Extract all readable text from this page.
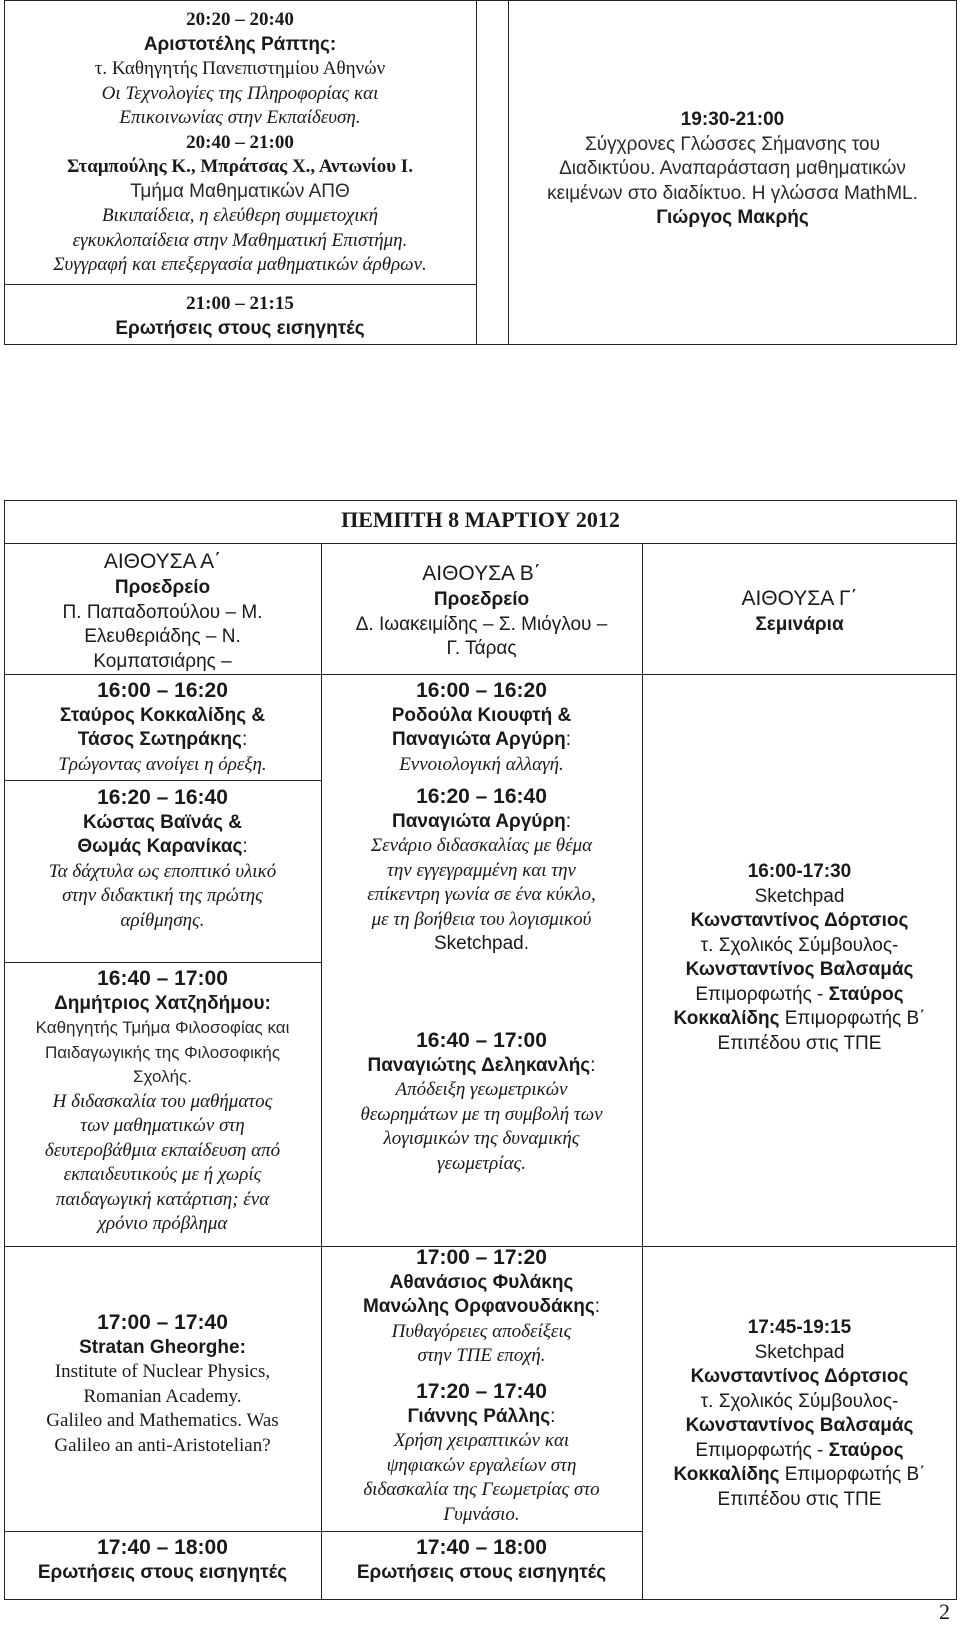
20:20 – 20:40
Αριστοτέλης Ράπτης:
τ. Καθηγητής Πανεπιστημίου Αθηνών
Οι Τεχνολογίες της Πληροφορίας και
Επικοινωνίας στην Εκπαίδευση.
20:40 – 21:00
Σταμπούλης Κ., Μπράτσας Χ., Αντωνίου Ι.
Τμήμα Μαθηματικών ΑΠΘ
Βικιπαίδεια, η ελεύθερη συμμετοχική
εγκυκλοπαίδεια στην Μαθηματική Επιστήμη.
Συγγραφή και επεξεργασία μαθηματικών άρθρων.
21:00 – 21:15
Ερωτήσεις στους εισηγητές
19:30-21:00
Σύγχρονες Γλώσσες Σήμανσης του
Διαδικτύου. Αναπαράσταση μαθηματικών
κειμένων στο διαδίκτυο. Η γλώσσα MathML.
Γιώργος Μακρής
ΠΕΜΠΤΗ 8 ΜΑΡΤΙΟΥ 2012
ΑΙΘΟΥΣΑ Α΄
Προεδρείο
Π. Παπαδοπούλου – Μ.
Ελευθεριάδης – Ν.
Κομπατσιάρης –
16:00 – 16:20
Σταύρος Κοκκαλίδης &
Τάσος Σωτηράκης:
Τρώγοντας ανοίγει η όρεξη.
16:20 – 16:40
Κώστας Βαϊνάς &
Θωμάς Καρανίκας:
Τα δάχτυλα ως εποπτικό υλικό
στην διδακτική της πρώτης
αρίθμησης.
16:40 – 17:00
Δημήτριος Χατζηδήμου:
Καθηγητής Τμήμα Φιλοσοφίας και
Παιδαγωγικής της Φιλοσοφικής
Σχολής.
Η διδασκαλία του μαθήματος
των μαθηματικών στη
δευτεροβάθμια εκπαίδευση από
εκπαιδευτικούς με ή χωρίς
παιδαγωγική κατάρτιση; ένα
χρόνιο πρόβλημα
17:00 – 17:40
Stratan Gheorghe:
Institute of Nuclear Physics,
Romanian Academy.
Galileo and Mathematics. Was
Galileo an anti-Aristotelian?
17:40 – 18:00
Ερωτήσεις στους εισηγητές
ΑΙΘΟΥΣΑ Β΄
Προεδρείο
Δ. Ιωακειμίδης – Σ. Μιόγλου –
Γ. Τάρας
16:00 – 16:20
Ροδούλα Κιουφτή &
Παναγιώτα Αργύρη:
Εννοιολογική αλλαγή.
16:20 – 16:40
Παναγιώτα Αργύρη:
Σενάριο διδασκαλίας με θέμα
την εγγεγραμμένη και την
επίκεντρη γωνία σε ένα κύκλο,
με τη βοήθεια του λογισμικού
Sketchpad.
16:40 – 17:00
Παναγιώτης Δεληκανλής:
Απόδειξη γεωμετρικών
θεωρημάτων με τη συμβολή των
λογισμικών της δυναμικής
γεωμετρίας.
17:00 – 17:20
Αθανάσιος Φυλάκης
Μανώλης Ορφανουδάκης:
Πυθαγόρειες αποδείξεις
στην ΤΠΕ εποχή.
17:20 – 17:40
Γιάννης Ράλλης:
Χρήση χειραπτικών και
ψηφιακών εργαλείων στη
διδασκαλία της Γεωμετρίας στο
Γυμνάσιο.
17:40 – 18:00
Ερωτήσεις στους εισηγητές
ΑΙΘΟΥΣΑ Γ΄
Σεμινάρια
16:00-17:30
Sketchpad
Κωνσταντίνος Δόρτσιος
τ. Σχολικός Σύμβουλος-
Κωνσταντίνος Βαλσαμάς
Επιμορφωτής - Σταύρος
Κοκκαλίδης Επιμορφωτής Β΄
Επιπέδου στις ΤΠΕ
17:45-19:15
Sketchpad
Κωνσταντίνος Δόρτσιος
τ. Σχολικός Σύμβουλος-
Κωνσταντίνος Βαλσαμάς
Επιμορφωτής - Σταύρος
Κοκκαλίδης Επιμορφωτής Β΄
Επιπέδου στις ΤΠΕ
2
